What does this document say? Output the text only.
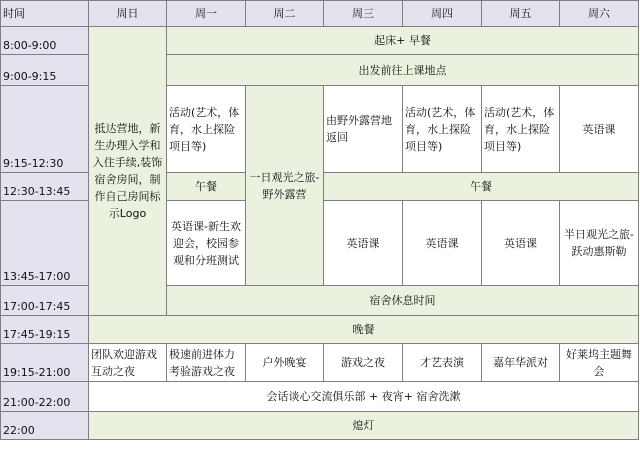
时间	周日	周一	周二	周三	周四	周五	周六
8:00-9:00	抵达营地，新生办理入学和入住手续,装饰宿舍房间，制作自己房间标示Logo	起床+ 早餐					
9:00-9:15		出发前往上课地点					
9:15-12:30		活动(艺术，体育，水上探险项目等)	一日观光之旅-野外露营	由野外露营地返回	活动(艺术，体育，水上探险项目等)	活动(艺术，体育，水上探险项目等)	英语课
12:30-13:45		午餐		午餐			
13:45-17:00		英语课-新生欢迎会，校园参观和分班测试		英语课	英语课	英语课	半日观光之旅-跃动惠斯勒
17:00-17:45		宿舍休息时间					
17:45-19:15	晚餐						
19:15-21:00	团队欢迎游戏互动之夜	极速前进体力考验游戏之夜	户外晚宴	游戏之夜	才艺表演	嘉年华派对	好莱坞主题舞会
21:00-22:00	会话谈心交流俱乐部 + 夜宵+ 宿舍洗漱						
22:00	熄灯						
